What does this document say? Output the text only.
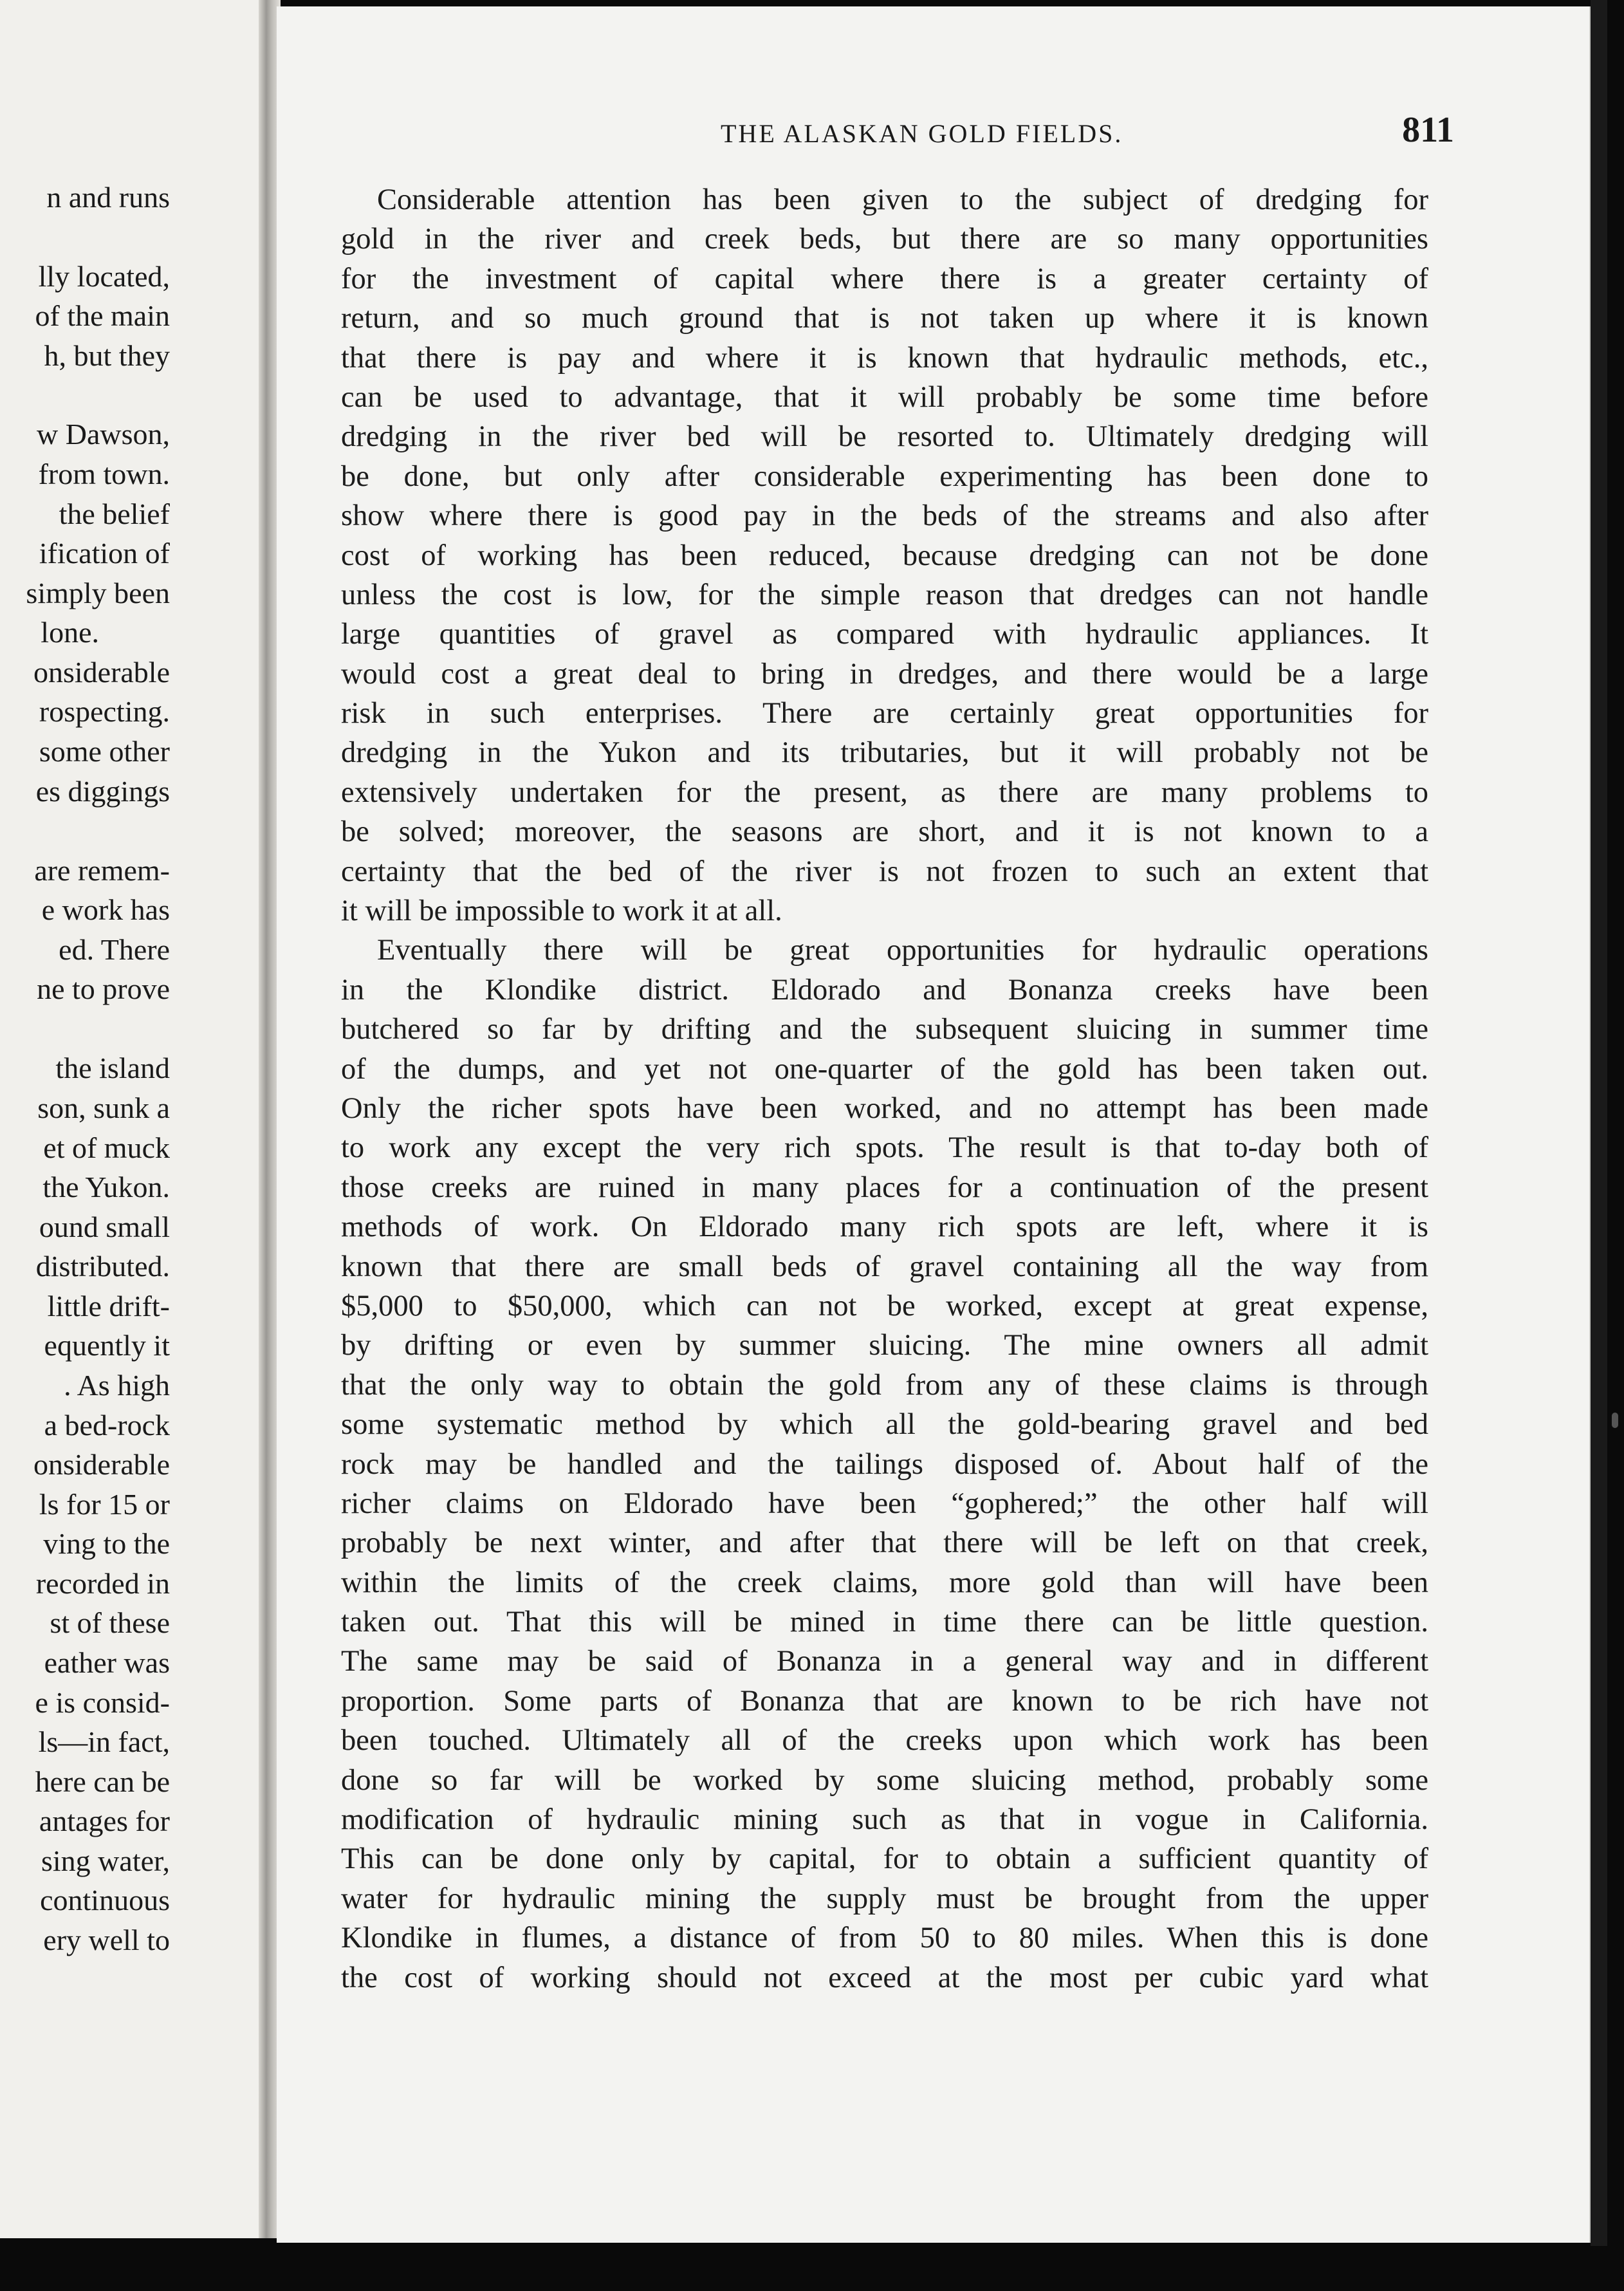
n and runs
lly located,
of the main
h, but they
w Dawson,
from town.
the belief
ification of
simply been
lone.
onsiderable
rospecting.
some other
es diggings
are remem-
e work has
ed. There
ne to prove
the island
son, sunk a
et of muck
the Yukon.
ound small
distributed.
little drift-
equently it
. As high
a bed-rock
onsiderable
ls for 15 or
ving to the
recorded in
st of these
eather was
e is consid-
ls—in fact,
here can be
antages for
sing water,
continuous
ery well to
THE ALASKAN GOLD FIELDS.	811
Considerable attention has been given to the subject of dredging for
gold in the river and creek beds, but there are so many opportunities
for the investment of capital where there is a greater certainty of
return, and so much ground that is not taken up where it is known
that there is pay and where it is known that hydraulic methods, etc.,
can be used to advantage, that it will probably be some time before
dredging in the river bed will be resorted to. Ultimately dredging will
be done, but only after considerable experimenting has been done to
show where there is good pay in the beds of the streams and also after
cost of working has been reduced, because dredging can not be done
unless the cost is low, for the simple reason that dredges can not handle
large quantities of gravel as compared with hydraulic appliances. It
would cost a great deal to bring in dredges, and there would be a large
risk in such enterprises. There are certainly great opportunities for
dredging in the Yukon and its tributaries, but it will probably not be
extensively undertaken for the present, as there are many problems to
be solved; moreover, the seasons are short, and it is not known to a
certainty that the bed of the river is not frozen to such an extent that
it will be impossible to work it at all.
Eventually there will be great opportunities for hydraulic operations
in the Klondike district. Eldorado and Bonanza creeks have been
butchered so far by drifting and the subsequent sluicing in summer time
of the dumps, and yet not one-quarter of the gold has been taken out.
Only the richer spots have been worked, and no attempt has been made
to work any except the very rich spots. The result is that to-day both of
those creeks are ruined in many places for a continuation of the present
methods of work. On Eldorado many rich spots are left, where it is
known that there are small beds of gravel containing all the way from
$5,000 to $50,000, which can not be worked, except at great expense,
by drifting or even by summer sluicing. The mine owners all admit
that the only way to obtain the gold from any of these claims is through
some systematic method by which all the gold-bearing gravel and bed
rock may be handled and the tailings disposed of. About half of the
richer claims on Eldorado have been “gophered;” the other half will
probably be next winter, and after that there will be left on that creek,
within the limits of the creek claims, more gold than will have been
taken out. That this will be mined in time there can be little question.
The same may be said of Bonanza in a general way and in different
proportion. Some parts of Bonanza that are known to be rich have not
been touched. Ultimately all of the creeks upon which work has been
done so far will be worked by some sluicing method, probably some
modification of hydraulic mining such as that in vogue in California.
This can be done only by capital, for to obtain a sufficient quantity of
water for hydraulic mining the supply must be brought from the upper
Klondike in flumes, a distance of from 50 to 80 miles. When this is done
the cost of working should not exceed at the most per cubic yard what
